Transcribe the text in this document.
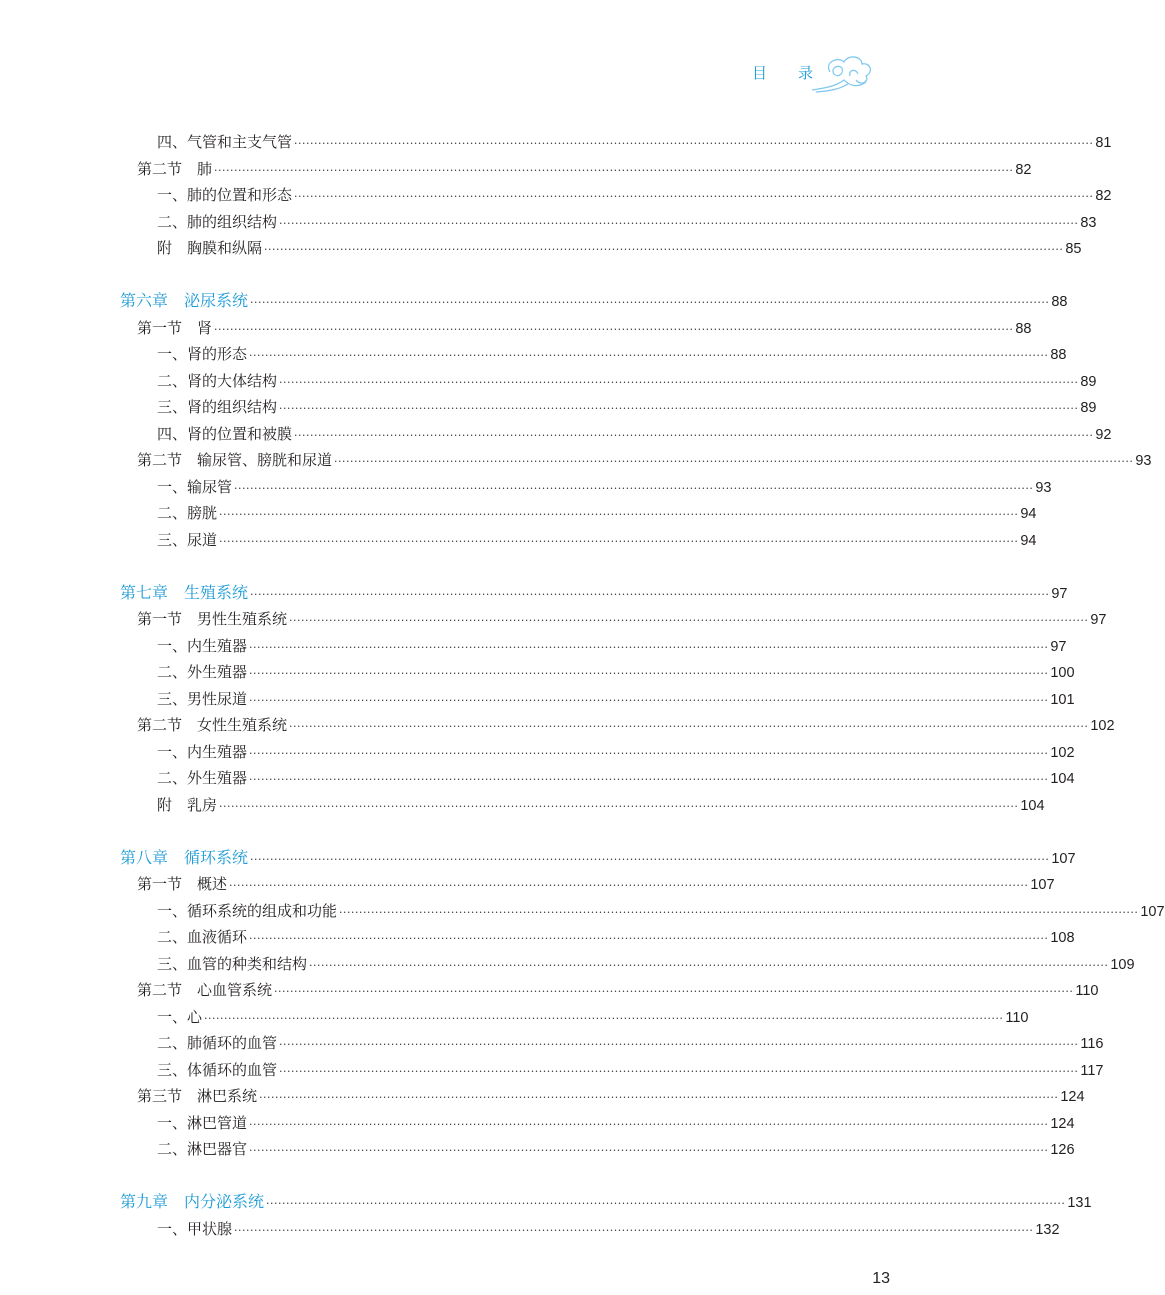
目 录
四、气管和主支气管 ········································································································································································································ 81
第二节　肺 ········································································································································································································ 82
一、肺的位置和形态 ········································································································································································································ 82
二、肺的组织结构 ········································································································································································································ 83
附　胸膜和纵隔 ········································································································································································································ 85
第六章　泌尿系统 ········································································································································································································ 88
第一节　肾 ········································································································································································································ 88
一、肾的形态 ········································································································································································································ 88
二、肾的大体结构 ········································································································································································································ 89
三、肾的组织结构 ········································································································································································································ 89
四、肾的位置和被膜 ········································································································································································································ 92
第二节　输尿管、膀胱和尿道 ········································································································································································································ 93
一、输尿管 ········································································································································································································ 93
二、膀胱 ········································································································································································································ 94
三、尿道 ········································································································································································································ 94
第七章　生殖系统 ········································································································································································································ 97
第一节　男性生殖系统 ········································································································································································································ 97
一、内生殖器 ········································································································································································································ 97
二、外生殖器 ········································································································································································································ 100
三、男性尿道 ········································································································································································································ 101
第二节　女性生殖系统 ········································································································································································································ 102
一、内生殖器 ········································································································································································································ 102
二、外生殖器 ········································································································································································································ 104
附　乳房 ········································································································································································································ 104
第八章　循环系统 ········································································································································································································ 107
第一节　概述 ········································································································································································································ 107
一、循环系统的组成和功能 ········································································································································································································ 107
二、血液循环 ········································································································································································································ 108
三、血管的种类和结构 ········································································································································································································ 109
第二节　心血管系统 ········································································································································································································ 110
一、心 ········································································································································································································ 110
二、肺循环的血管 ········································································································································································································ 116
三、体循环的血管 ········································································································································································································ 117
第三节　淋巴系统 ········································································································································································································ 124
一、淋巴管道 ········································································································································································································ 124
二、淋巴器官 ········································································································································································································ 126
第九章　内分泌系统 ········································································································································································································ 131
一、甲状腺 ········································································································································································································ 132
13
